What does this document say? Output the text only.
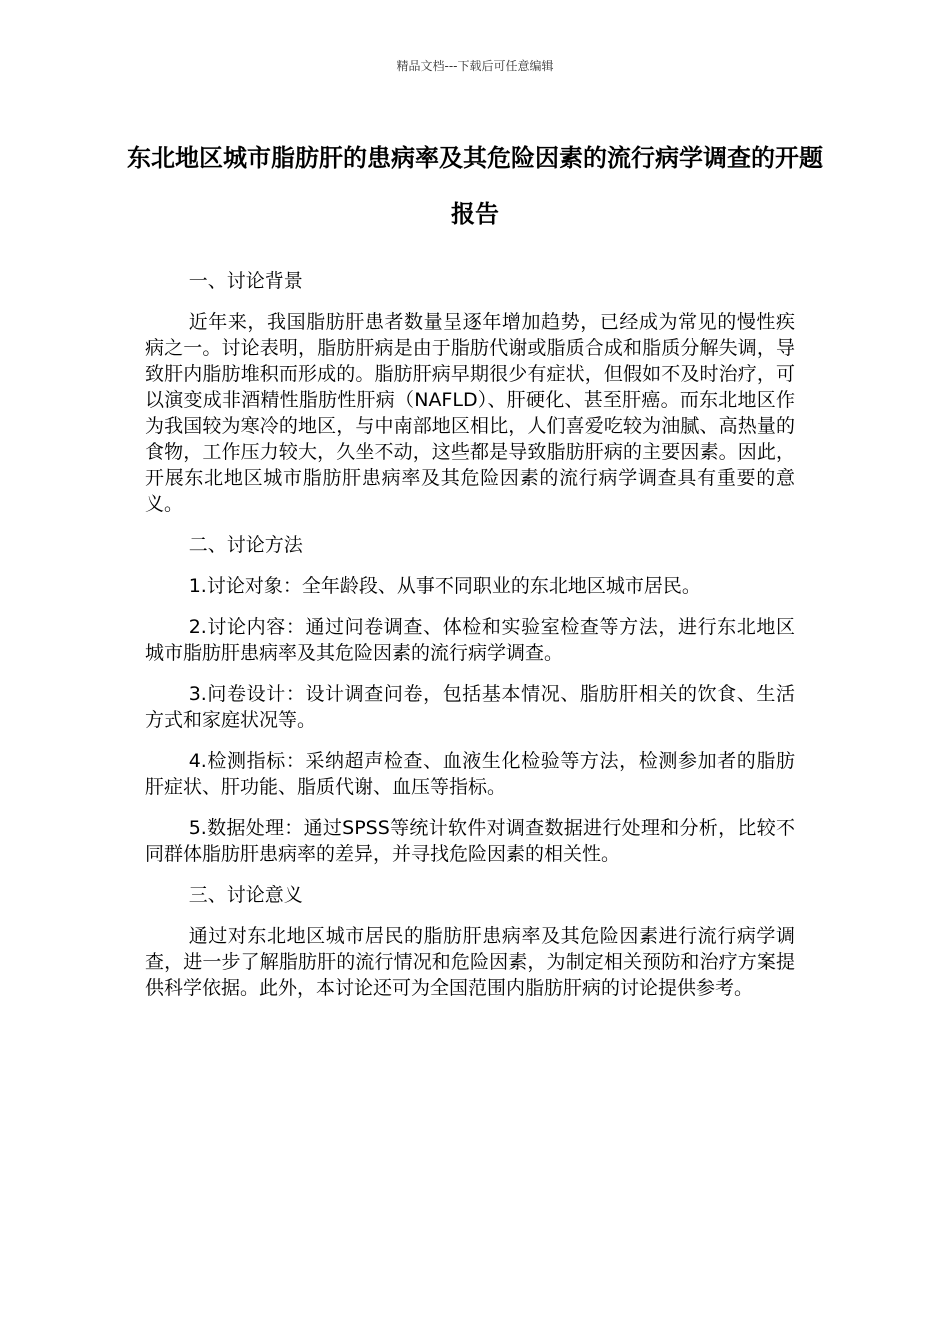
精品文档---下载后可任意编辑
东北地区城市脂肪肝的患病率及其危险因素的流行病学调查的开题报告

一、讨论背景

近年来，我国脂肪肝患者数量呈逐年增加趋势，已经成为常见的慢性疾病之一。讨论表明，脂肪肝病是由于脂肪代谢或脂质合成和脂质分解失调，导致肝内脂肪堆积而形成的。脂肪肝病早期很少有症状，但假如不及时治疗，可以演变成非酒精性脂肪性肝病（NAFLD）、肝硬化、甚至肝癌。而东北地区作为我国较为寒冷的地区，与中南部地区相比，人们喜爱吃较为油腻、高热量的食物，工作压力较大，久坐不动，这些都是导致脂肪肝病的主要因素。因此，开展东北地区城市脂肪肝患病率及其危险因素的流行病学调查具有重要的意义。

二、讨论方法

1.讨论对象：全年龄段、从事不同职业的东北地区城市居民。

2.讨论内容：通过问卷调查、体检和实验室检查等方法，进行东北地区城市脂肪肝患病率及其危险因素的流行病学调查。

3.问卷设计：设计调查问卷，包括基本情况、脂肪肝相关的饮食、生活方式和家庭状况等。

4.检测指标：采纳超声检查、血液生化检验等方法，检测参加者的脂肪肝症状、肝功能、脂质代谢、血压等指标。

5.数据处理：通过SPSS等统计软件对调查数据进行处理和分析，比较不同群体脂肪肝患病率的差异，并寻找危险因素的相关性。

三、讨论意义

通过对东北地区城市居民的脂肪肝患病率及其危险因素进行流行病学调查，进一步了解脂肪肝的流行情况和危险因素，为制定相关预防和治疗方案提供科学依据。此外，本讨论还可为全国范围内脂肪肝病的讨论提供参考。
